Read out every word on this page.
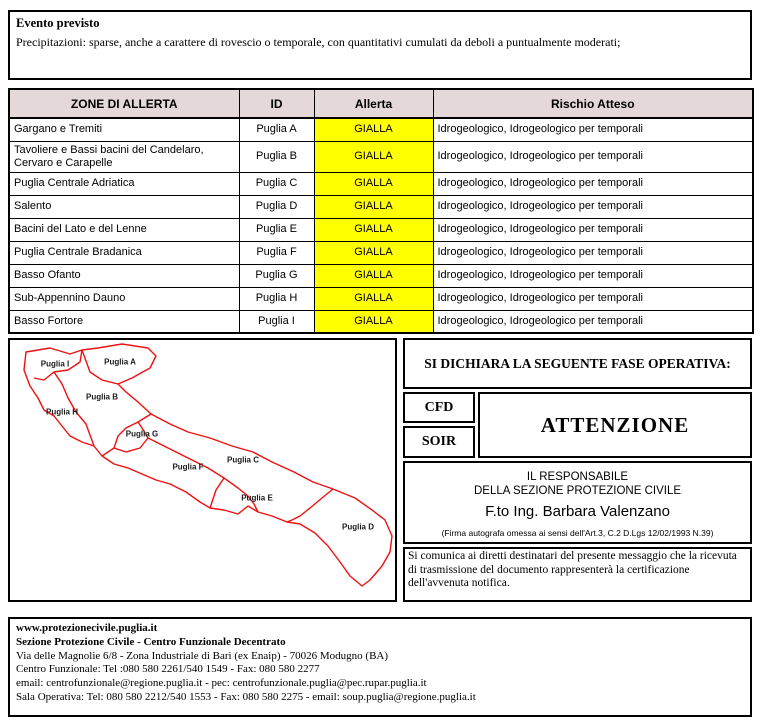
Evento previsto
Precipitazioni: sparse, anche a carattere di rovescio o temporale, con quantitativi cumulati da deboli a puntualmente moderati;
ZONE DI ALLERTA	ID	Allerta	Rischio Atteso
Gargano e Tremiti	Puglia A	GIALLA	Idrogeologico, Idrogeologico per temporali
Tavoliere e Bassi bacini del Candelaro, Cervaro e Carapelle	Puglia B	GIALLA	Idrogeologico, Idrogeologico per temporali
Puglia Centrale Adriatica	Puglia C	GIALLA	Idrogeologico, Idrogeologico per temporali
Salento	Puglia D	GIALLA	Idrogeologico, Idrogeologico per temporali
Bacini del Lato e del Lenne	Puglia E	GIALLA	Idrogeologico, Idrogeologico per temporali
Puglia Centrale Bradanica	Puglia F	GIALLA	Idrogeologico, Idrogeologico per temporali
Basso Ofanto	Puglia G	GIALLA	Idrogeologico, Idrogeologico per temporali
Sub-Appennino Dauno	Puglia H	GIALLA	Idrogeologico, Idrogeologico per temporali
Basso Fortore	Puglia I	GIALLA	Idrogeologico, Idrogeologico per temporali
Puglia I	Puglia A
Puglia B
Puglia H
Puglia G
Puglia C
Puglia F
Puglia E
Puglia D
SI DICHIARA LA SEGUENTE FASE OPERATIVA:
CFD
ATTENZIONE
SOIR
IL RESPONSABILE
DELLA SEZIONE PROTEZIONE CIVILE
F.to Ing. Barbara Valenzano
(Firma autografa omessa ai sensi dell'Art.3, C.2 D.Lgs 12/02/1993 N.39)
Si comunica ai diretti destinatari del presente messaggio che la ricevuta di trasmissione del documento rappresenterà la certificazione dell'avvenuta notifica.
www.protezionecivile.puglia.it
Sezione Protezione Civile - Centro Funzionale Decentrato
Via delle Magnolie 6/8 - Zona Industriale di Bari (ex Enaip) - 70026 Modugno (BA)
Centro Funzionale: Tel :080 580 2261/540 1549 - Fax: 080 580 2277
email: centrofunzionale@regione.puglia.it - pec: centrofunzionale.puglia@pec.rupar.puglia.it
Sala Operativa: Tel: 080 580 2212/540 1553 - Fax: 080 580 2275 - email: soup.puglia@regione.puglia.it
